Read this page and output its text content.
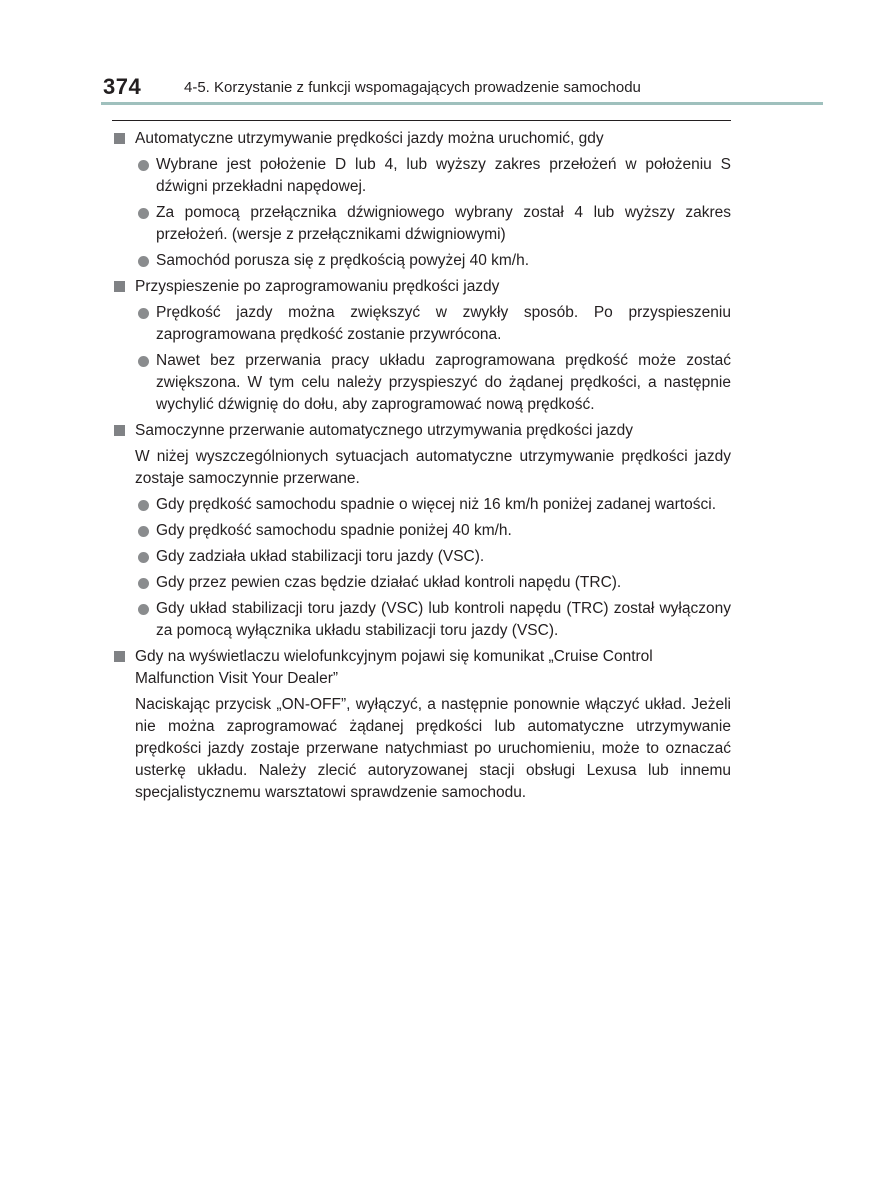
374	4-5. Korzystanie z funkcji wspomagających prowadzenie samochodu
Automatyczne utrzymywanie prędkości jazdy można uruchomić, gdy
Wybrane jest położenie D lub 4, lub wyższy zakres przełożeń w położeniu S dźwigni przekładni napędowej.
Za pomocą przełącznika dźwigniowego wybrany został 4 lub wyższy zakres przełożeń. (wersje z przełącznikami dźwigniowymi)
Samochód porusza się z prędkością powyżej 40 km/h.
Przyspieszenie po zaprogramowaniu prędkości jazdy
Prędkość jazdy można zwiększyć w zwykły sposób. Po przyspieszeniu zaprogramowana prędkość zostanie przywrócona.
Nawet bez przerwania pracy układu zaprogramowana prędkość może zostać zwiększona. W tym celu należy przyspieszyć do żądanej prędkości, a następnie wychylić dźwignię do dołu, aby zaprogramować nową prędkość.
Samoczynne przerwanie automatycznego utrzymywania prędkości jazdy
W niżej wyszczególnionych sytuacjach automatyczne utrzymywanie prędkości jazdy zostaje samoczynnie przerwane.
Gdy prędkość samochodu spadnie o więcej niż 16 km/h poniżej zadanej wartości.
Gdy prędkość samochodu spadnie poniżej 40 km/h.
Gdy zadziała układ stabilizacji toru jazdy (VSC).
Gdy przez pewien czas będzie działać układ kontroli napędu (TRC).
Gdy układ stabilizacji toru jazdy (VSC) lub kontroli napędu (TRC) został wyłączony za pomocą wyłącznika układu stabilizacji toru jazdy (VSC).
Gdy na wyświetlaczu wielofunkcyjnym pojawi się komunikat „Cruise Control Malfunction Visit Your Dealer”
Naciskając przycisk „ON-OFF”, wyłączyć, a następnie ponownie włączyć układ. Jeżeli nie można zaprogramować żądanej prędkości lub automatyczne utrzymywanie prędkości jazdy zostaje przerwane natychmiast po uruchomieniu, może to oznaczać usterkę układu. Należy zlecić autoryzowanej stacji obsługi Lexusa lub innemu specjalistycznemu warsztatowi sprawdzenie samochodu.
